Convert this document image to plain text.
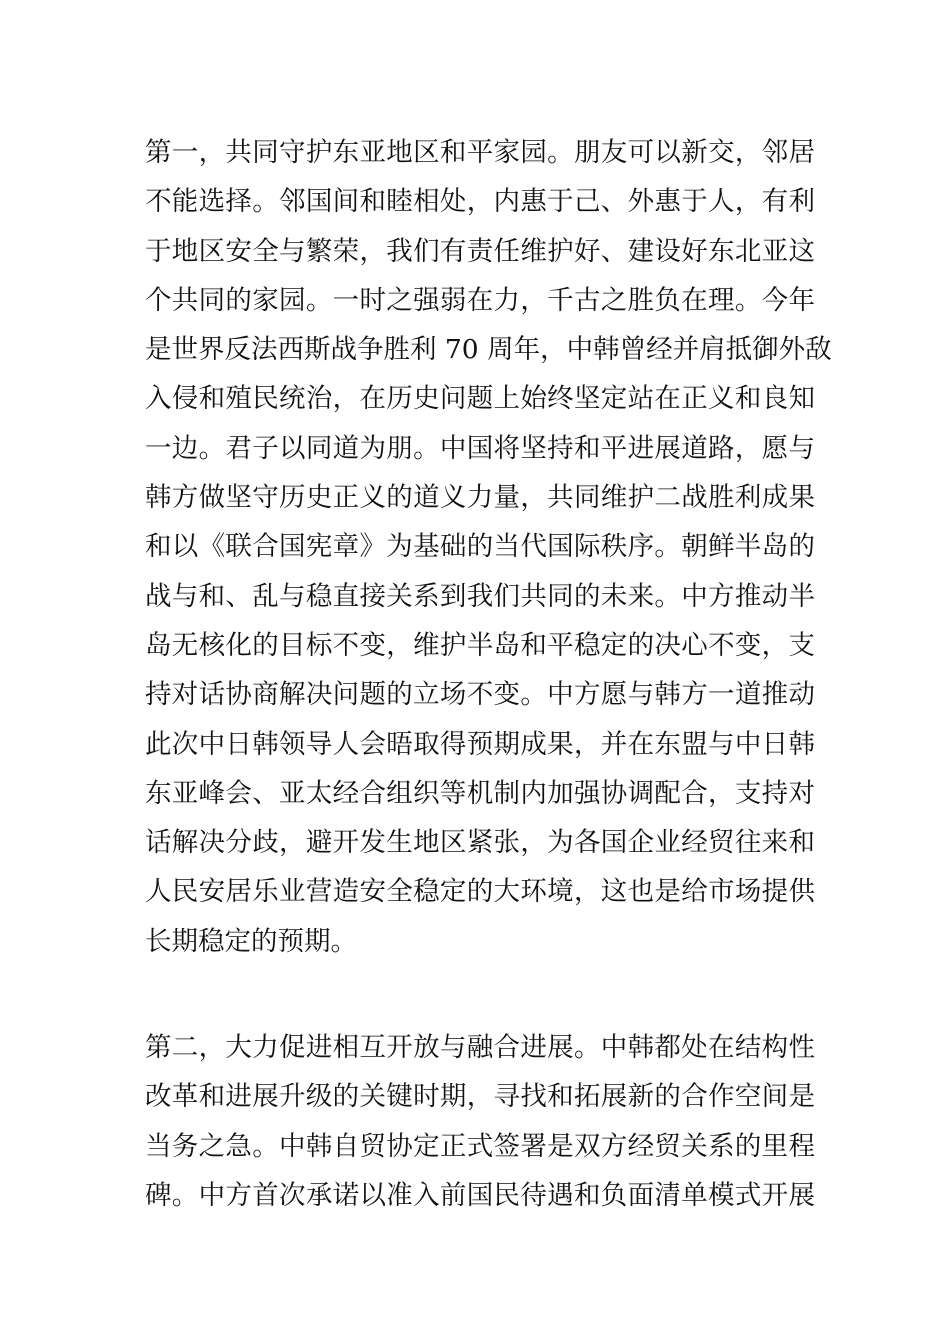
第一，共同守护东亚地区和平家园。朋友可以新交，邻居
不能选择。邻国间和睦相处，内惠于己、外惠于人，有利
于地区安全与繁荣，我们有责任维护好、建设好东北亚这
个共同的家园。一时之强弱在力，千古之胜负在理。今年
是世界反法西斯战争胜利 70 周年，中韩曾经并肩抵御外敌
入侵和殖民统治，在历史问题上始终坚定站在正义和良知
一边。君子以同道为朋。中国将坚持和平进展道路，愿与
韩方做坚守历史正义的道义力量，共同维护二战胜利成果
和以《联合国宪章》为基础的当代国际秩序。朝鲜半岛的
战与和、乱与稳直接关系到我们共同的未来。中方推动半
岛无核化的目标不变，维护半岛和平稳定的决心不变，支
持对话协商解决问题的立场不变。中方愿与韩方一道推动
此次中日韩领导人会晤取得预期成果，并在东盟与中日韩
东亚峰会、亚太经合组织等机制内加强协调配合，支持对
话解决分歧，避开发生地区紧张，为各国企业经贸往来和
人民安居乐业营造安全稳定的大环境，这也是给市场提供
长期稳定的预期。
第二，大力促进相互开放与融合进展。中韩都处在结构性
改革和进展升级的关键时期，寻找和拓展新的合作空间是
当务之急。中韩自贸协定正式签署是双方经贸关系的里程
碑。中方首次承诺以准入前国民待遇和负面清单模式开展
